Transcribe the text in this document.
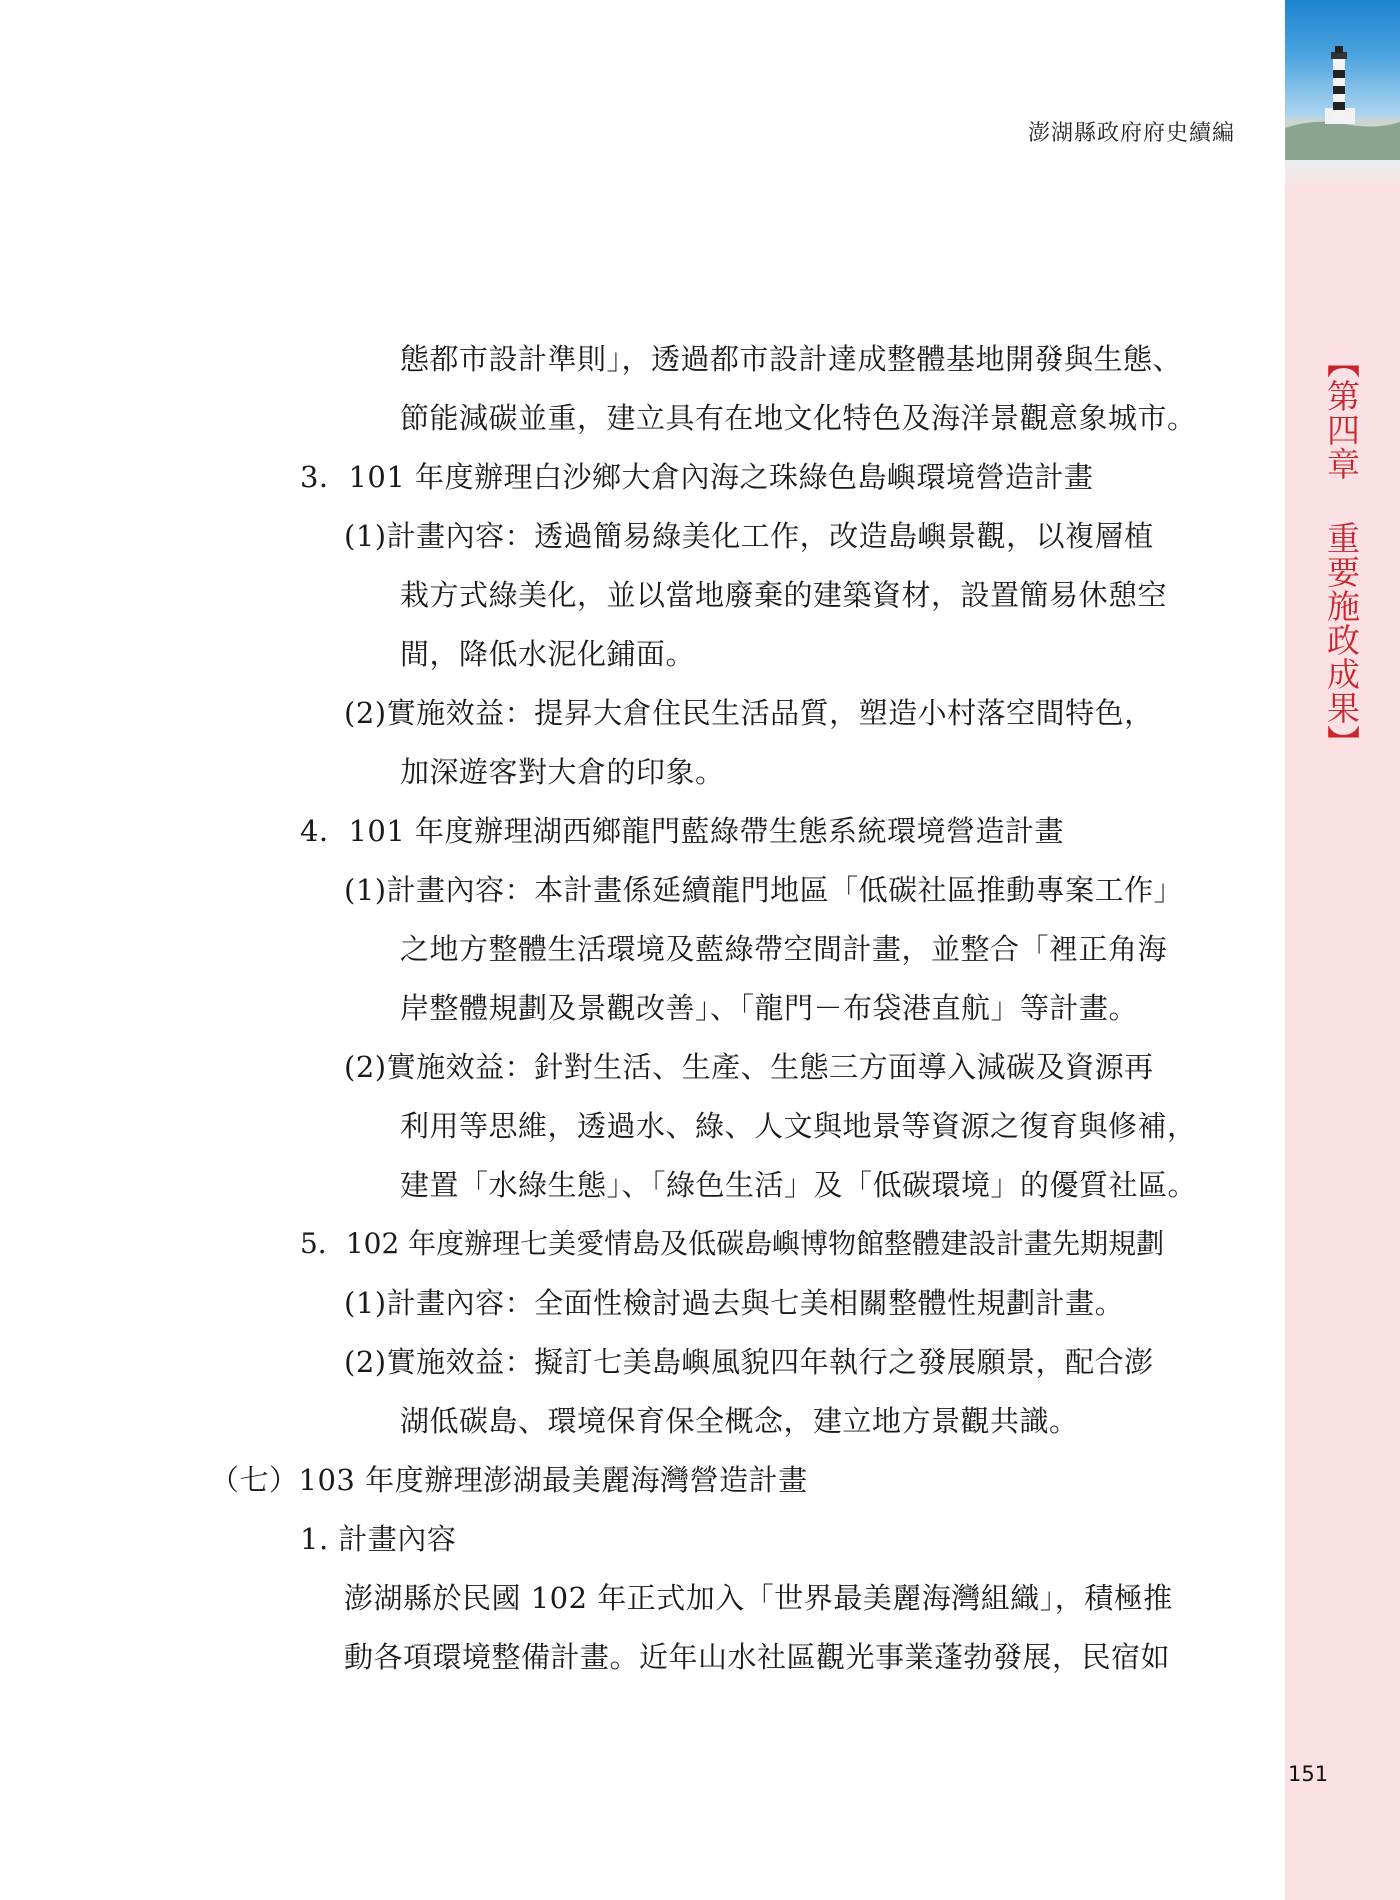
【第四章 重要施政成果】
澎湖縣政府府史續編
態都市設計準則」，透過都市設計達成整體基地開發與生態、
節能減碳並重，建立具有在地文化特色及海洋景觀意象城市。
3．101 年度辦理白沙鄉大倉內海之珠綠色島嶼環境營造計畫
(1)計畫內容：透過簡易綠美化工作，改造島嶼景觀，以複層植
栽方式綠美化，並以當地廢棄的建築資材，設置簡易休憩空
間，降低水泥化鋪面。
(2)實施效益：提昇大倉住民生活品質，塑造小村落空間特色，
加深遊客對大倉的印象。
4．101 年度辦理湖西鄉龍門藍綠帶生態系統環境營造計畫
(1)計畫內容：本計畫係延續龍門地區「低碳社區推動專案工作」
之地方整體生活環境及藍綠帶空間計畫，並整合「裡正角海
岸整體規劃及景觀改善」、「龍門－布袋港直航」等計畫。
(2)實施效益：針對生活、生產、生態三方面導入減碳及資源再
利用等思維，透過水、綠、人文與地景等資源之復育與修補，
建置「水綠生態」、「綠色生活」及「低碳環境」的優質社區。
5．102 年度辦理七美愛情島及低碳島嶼博物館整體建設計畫先期規劃
(1)計畫內容：全面性檢討過去與七美相關整體性規劃計畫。
(2)實施效益：擬訂七美島嶼風貌四年執行之發展願景，配合澎
湖低碳島、環境保育保全概念，建立地方景觀共識。
（七）103 年度辦理澎湖最美麗海灣營造計畫
1. 計畫內容
澎湖縣於民國 102 年正式加入「世界最美麗海灣組織」，積極推
動各項環境整備計畫。近年山水社區觀光事業蓬勃發展，民宿如
151
